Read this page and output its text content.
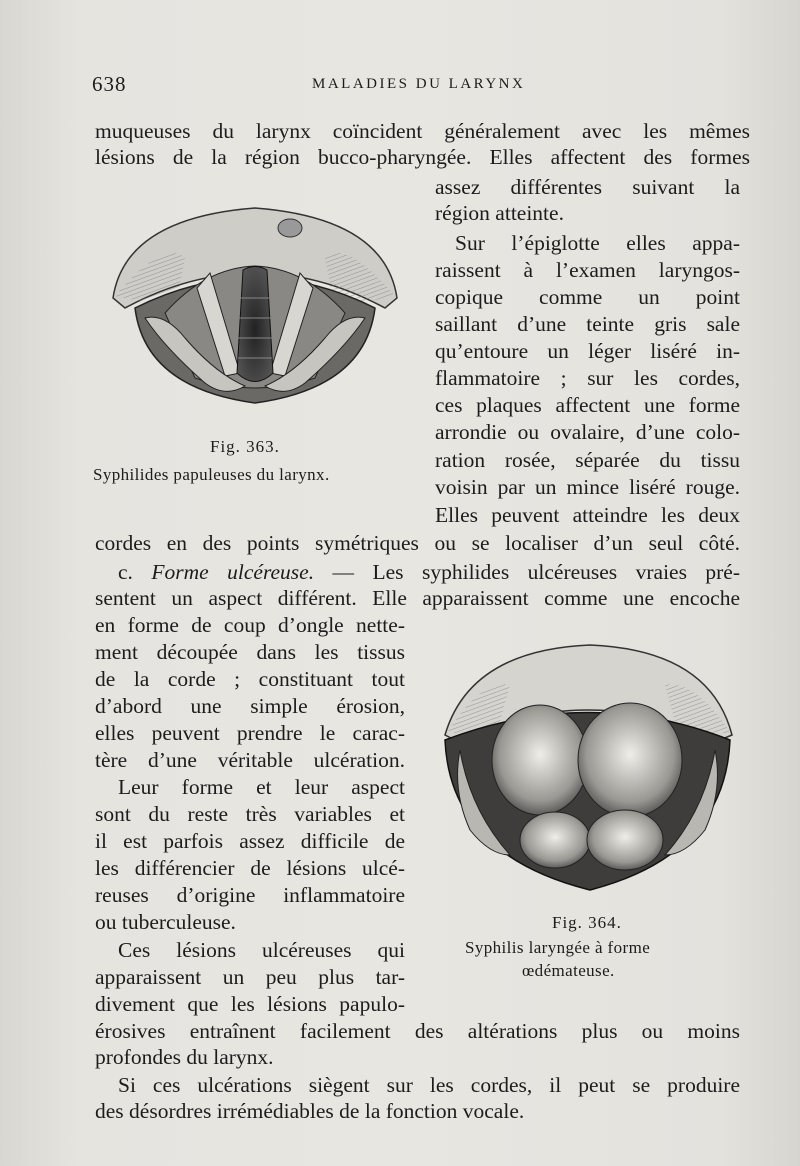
638	MALADIES DU LARYNX
muqueuses du larynx coïncident généralement avec les mêmes
lésions de la région bucco-pharyngée. Elles affectent des formes
assez différentes suivant la
région atteinte.
Sur l’épiglotte elles appa-
raissent à l’examen laryngos-
copique comme un point
saillant d’une teinte gris sale
qu’entoure un léger liséré in-
flammatoire ; sur les cordes,
ces plaques affectent une forme
arrondie ou ovalaire, d’une colo-
ration rosée, séparée du tissu
voisin par un mince liséré rouge.
Elles peuvent atteindre les deux
cordes en des points symétriques ou se localiser d’un seul côté.
c. Forme ulcéreuse. — Les syphilides ulcéreuses vraies pré-
sentent un aspect différent. Elle apparaissent comme une encoche
en forme de coup d’ongle nette-
ment découpée dans les tissus
de la corde ; constituant tout
d’abord une simple érosion,
elles peuvent prendre le carac-
tère d’une véritable ulcération.
Leur forme et leur aspect
sont du reste très variables et
il est parfois assez difficile de
les différencier de lésions ulcé-
reuses d’origine inflammatoire
ou tuberculeuse.
Ces lésions ulcéreuses qui
apparaissent un peu plus tar-
divement que les lésions papulo-
érosives entraînent facilement des altérations plus ou moins
profondes du larynx.
Si ces ulcérations siègent sur les cordes, il peut se produire
des désordres irrémédiables de la fonction vocale.
Fig. 363.
Syphilides papuleuses du larynx.
Fig. 364.
Syphilis laryngée à forme
œdémateuse.
